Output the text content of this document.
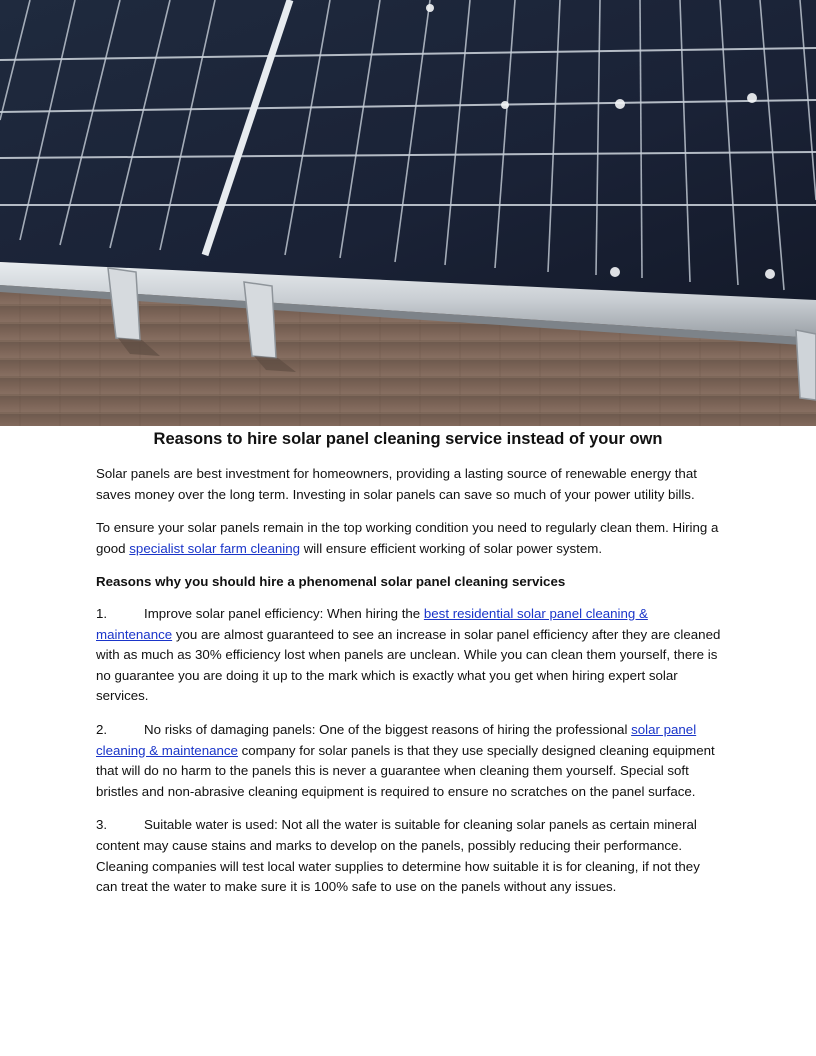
Reasons to hire solar panel cleaning service instead of your own

Solar panels are best investment for homeowners, providing a lasting source of renewable energy that saves money over the long term. Investing in solar panels can save so much of your power utility bills.

To ensure your solar panels remain in the top working condition you need to regularly clean them. Hiring a good specialist solar farm cleaning will ensure efficient working of solar power system.

Reasons why you should hire a phenomenal solar panel cleaning services

1.	Improve solar panel efficiency: When hiring the best residential solar panel cleaning & maintenance you are almost guaranteed to see an increase in solar panel efficiency after they are cleaned with as much as 30% efficiency lost when panels are unclean. While you can clean them yourself, there is no guarantee you are doing it up to the mark which is exactly what you get when hiring expert solar services.

2.	No risks of damaging panels: One of the biggest reasons of hiring the professional solar panel cleaning & maintenance company for solar panels is that they use specially designed cleaning equipment that will do no harm to the panels this is never a guarantee when cleaning them yourself. Special soft bristles and non-abrasive cleaning equipment is required to ensure no scratches on the panel surface.

3.	Suitable water is used: Not all the water is suitable for cleaning solar panels as certain mineral content may cause stains and marks to develop on the panels, possibly reducing their performance. Cleaning companies will test local water supplies to determine how suitable it is for cleaning, if not they can treat the water to make sure it is 100% safe to use on the panels without any issues.
